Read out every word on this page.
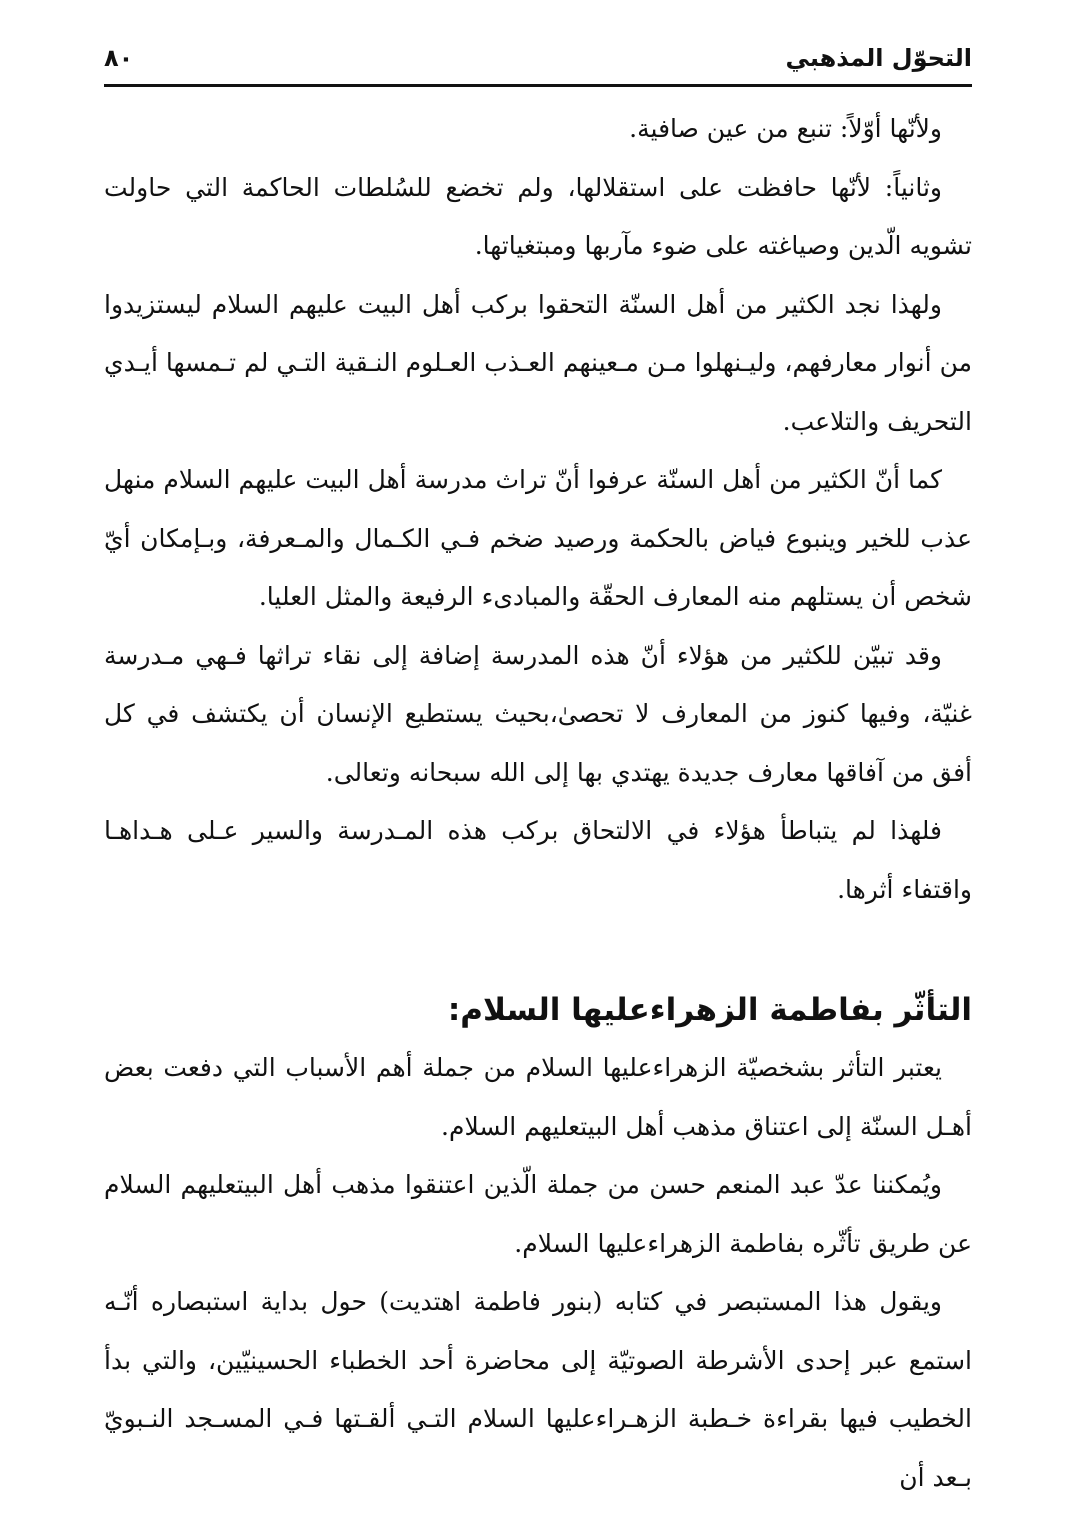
التحوّل المذهبي
٨٠

ولأنّها أوّلاً: تنبع من عين صافية.

وثانياً: لأنّها حافظت على استقلالها، ولم تخضع للسُلطات الحاكمة التي حاولت تشويه الّدين وصياغته على ضوء مآربها ومبتغياتها.

ولهذا نجد الكثير من أهل السنّة التحقوا بركب أهل البيت عليهم السلام ليستزيدوا من أنوار معارفهم، وليـنهلوا مـن مـعينهم العـذب العـلوم النـقية التـي لم تـمسها أيـدي التحريف والتلاعب.

كما أنّ الكثير من أهل السنّة عرفوا أنّ تراث مدرسة أهل البيت عليهم السلام منهل عذب للخير وينبوع فياض بالحكمة ورصيد ضخم فـي الكـمال والمـعرفة، وبـإمكان أيّ شخص أن يستلهم منه المعارف الحقّة والمبادىء الرفيعة والمثل العليا.

وقد تبيّن للكثير من هؤلاء أنّ هذه المدرسة إضافة إلى نقاء تراثها فـهي مـدرسة غنيّة، وفيها كنوز من المعارف لا تحصىٰ،بحيث يستطيع الإنسان أن يكتشف في كل أفق من آفاقها معارف جديدة يهتدي بها إلى الله سبحانه وتعالى.

فلهذا لم يتباطأ هؤلاء في الالتحاق بركب هذه المـدرسة والسير عـلى هـداهـا واقتفاء أثرها.

التأثّر بفاطمة الزهراءعليها السلام:

يعتبر التأثر بشخصيّة الزهراءعليها السلام من جملة أهم الأسباب التي دفعت بعض أهـل السنّة إلى اعتناق مذهب أهل البيتعليهم السلام.

ويُمكننا عدّ عبد المنعم حسن من جملة الّذين اعتنقوا مذهب أهل البيتعليهم السلام عن طريق تأثّره بفاطمة الزهراءعليها السلام.

ويقول هذا المستبصر في كتابه (بنور فاطمة اهتديت) حول بداية استبصاره أنّـه استمع عبر إحدى الأشرطة الصوتيّة إلى محاضرة أحد الخطباء الحسينيّين، والتي بدأ الخطيب فيها بقراءة خـطبة الزهـراءعليها السلام التـي ألقـتها فـي المسـجد النـبويّ بـعد أن
